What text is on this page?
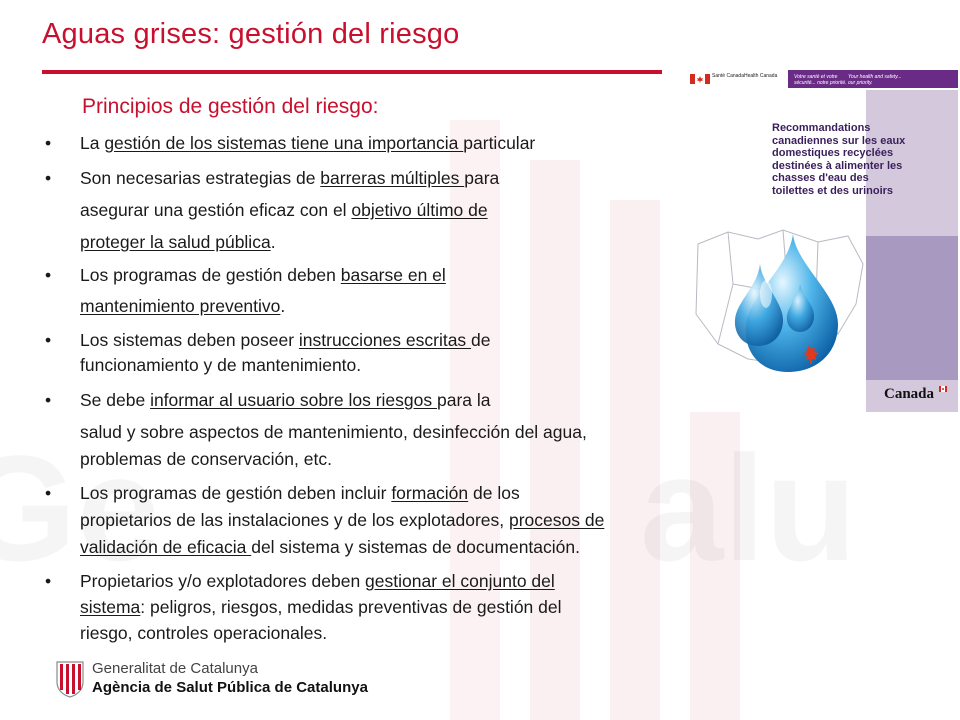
Aguas grises: gestión del riesgo
Principios de gestión del riesgo:
• La gestión de los sistemas tiene una importancia particular
• Son necesarias estrategias de barreras múltiples para
asegurar una gestión eficaz con el objetivo último de
proteger la salud pública.
• Los programas de gestión deben basarse en el
mantenimiento preventivo.
• Los sistemas deben poseer instrucciones escritas de
funcionamiento y de mantenimiento.
• Se debe informar al usuario sobre los riesgos para la
salud y sobre aspectos de mantenimiento, desinfección del agua,
problemas de conservación, etc.
• Los programas de gestión deben incluir formación de los
propietarios de las instalaciones y de los explotadores, procesos de
validación de eficacia del sistema y sistemas de documentación.
• Propietarios y/o explotadores deben gestionar el conjunto del
sistema: peligros, riesgos, medidas preventivas de gestión del
riesgo, controles operacionales.
Santé Canada Health Canada	Votre santé et votre sécurité... notre priorité.
Your health and safety... our priority.
Recommandations canadiennes sur les eaux domestiques recyclées destinées à alimenter les chasses d'eau des toilettes et des urinoirs
Canada
Generalitat de Catalunya
Agència de Salut Pública de Catalunya
